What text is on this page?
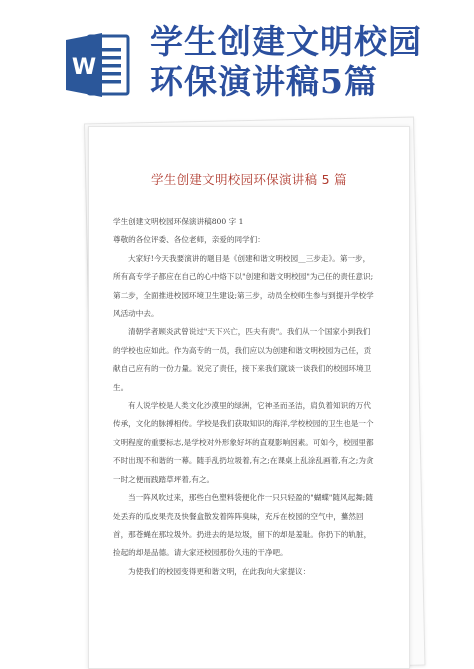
W
学生创建文明校园
环保演讲稿5篇
学生创建文明校园环保演讲稿 5 篇

学生创建文明校园环保演讲稿800 字 1

尊敬的各位评委、各位老师，亲爱的同学们：

大家好!今天我要演讲的题目是《创建和谐文明校园__三步走》。第一步，所有高专学子都应在自己的心中烙下以"创建和谐文明校园"为己任的责任意识;第二步，全面推进校园环境卫生建设;第三步，动员全校师生参与到提升学校学风活动中去。

清朝学者顾炎武曾说过"天下兴亡，匹夫有责"。我们从一个国家小到我们的学校也应如此。作为高专的一员，我们应以为创建和谐文明校园为己任，贡献自己应有的一份力量。说完了责任，接下来我们就谈一谈我们的校园环境卫生。

有人说学校是人类文化沙漠里的绿洲，它神圣而圣洁，肩负着知识的万代传承，文化的脉搏相传。学校是我们获取知识的海洋,学校校园的卫生也是一个文明程度的重要标志,是学校对外形象好坏的直观影响因素。可如今，校园里都不时出现不和谐的一幕。随手乱扔垃圾着,有之;在课桌上乱涂乱画着,有之;为贪一时之便而践踏草坪着,有之。

当一阵风吹过来，那些白色塑料袋便化作一只只轻盈的"蝴蝶"随风起舞;随处丢弃的瓜皮果壳及快餐盒散发着阵阵臭味，充斥在校园的空气中，驀然回首，那苍蝇在那垃圾外。扔进去的是垃圾，留下的却是羞耻。你扔下的轨脏，捡起的却是品德。请大家还校园那份久违的干净吧。

为使我们的校园变得更和谐文明，在此我向大家提议：
